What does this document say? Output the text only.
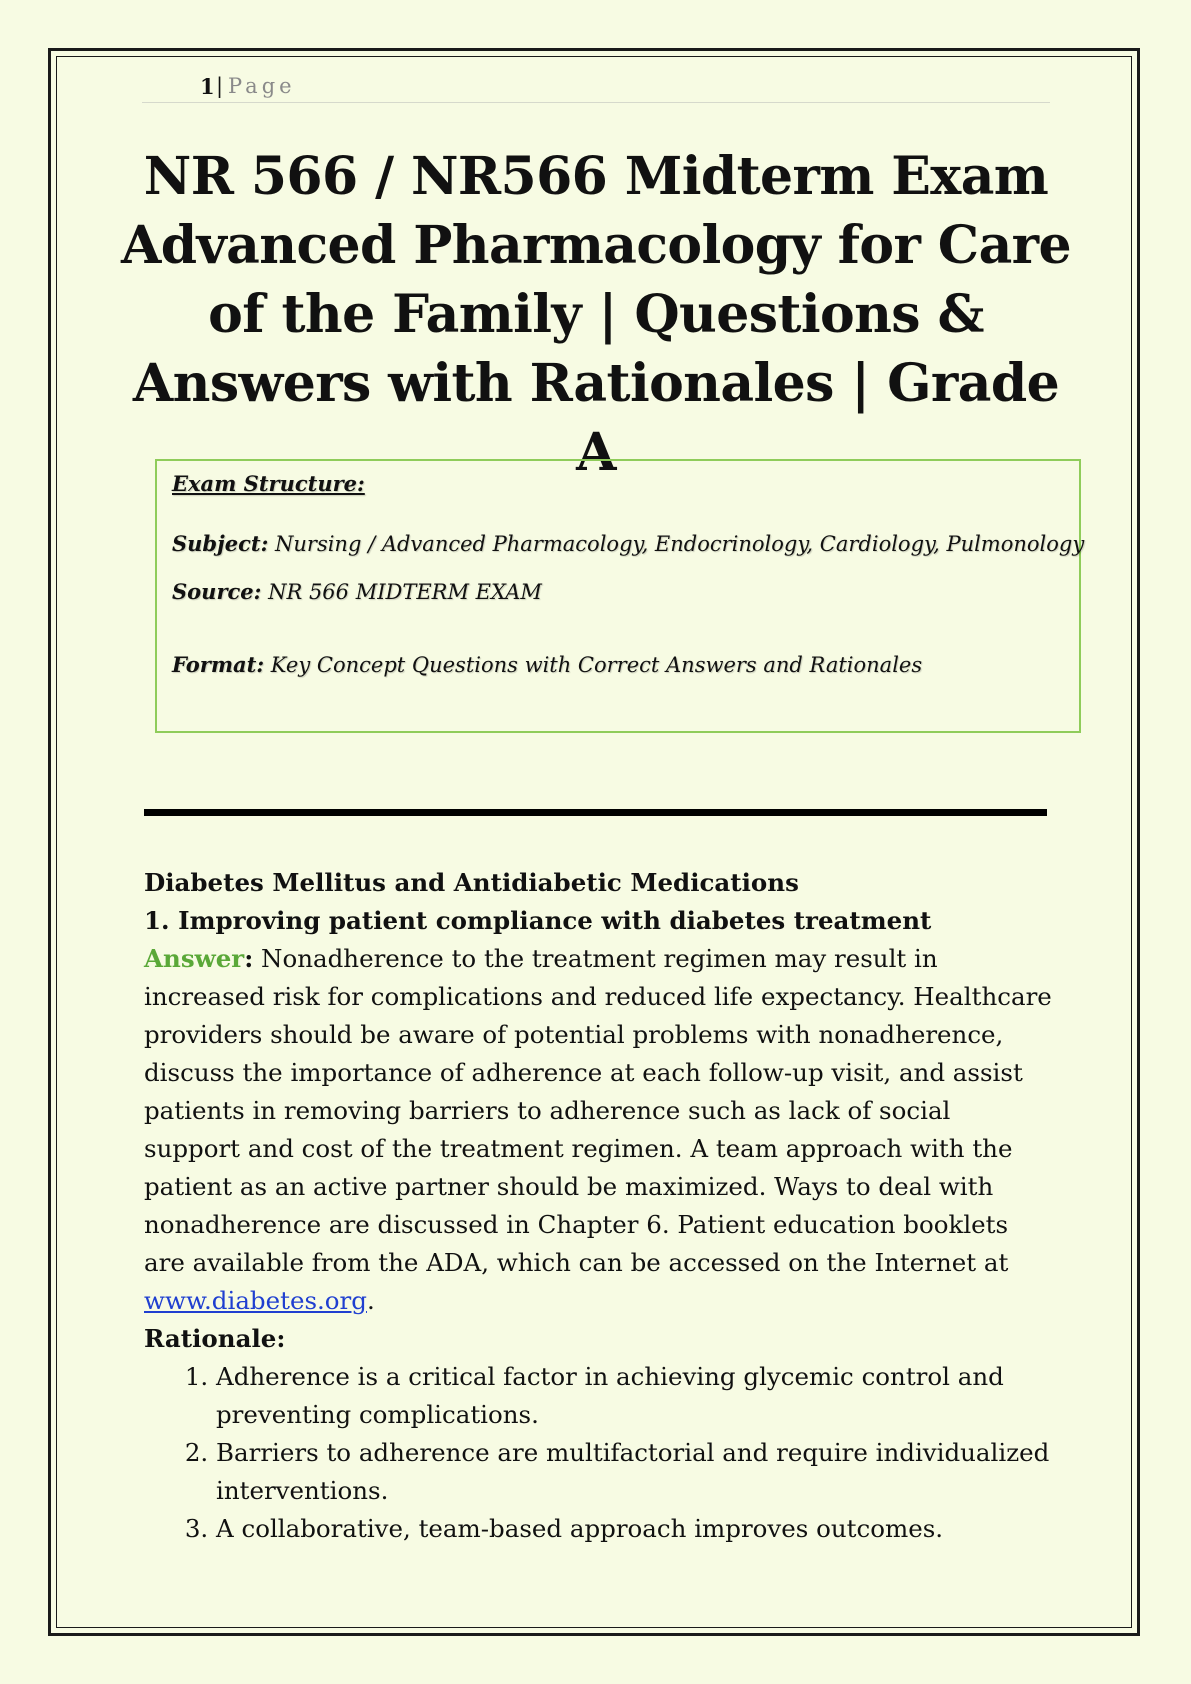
1 | Page
NR 566 / NR566 Midterm Exam
Advanced Pharmacology for Care
of the Family | Questions &
Answers with Rationales | Grade A
Exam Structure:
Subject: Nursing / Advanced Pharmacology, Endocrinology, Cardiology, Pulmonology
Source: NR 566 MIDTERM EXAM
Format: Key Concept Questions with Correct Answers and Rationales

Diabetes Mellitus and Antidiabetic Medications

1. Improving patient compliance with diabetes treatment

Answer: Nonadherence to the treatment regimen may result in increased risk for complications and reduced life expectancy. Healthcare providers should be aware of potential problems with nonadherence, discuss the importance of adherence at each follow-up visit, and assist patients in removing barriers to adherence such as lack of social support and cost of the treatment regimen. A team approach with the patient as an active partner should be maximized. Ways to deal with nonadherence are discussed in Chapter 6. Patient education booklets are available from the ADA, which can be accessed on the Internet at www.diabetes.org.

Rationale:

1. Adherence is a critical factor in achieving glycemic control and preventing complications.
2. Barriers to adherence are multifactorial and require individualized interventions.
3. A collaborative, team-based approach improves outcomes.
